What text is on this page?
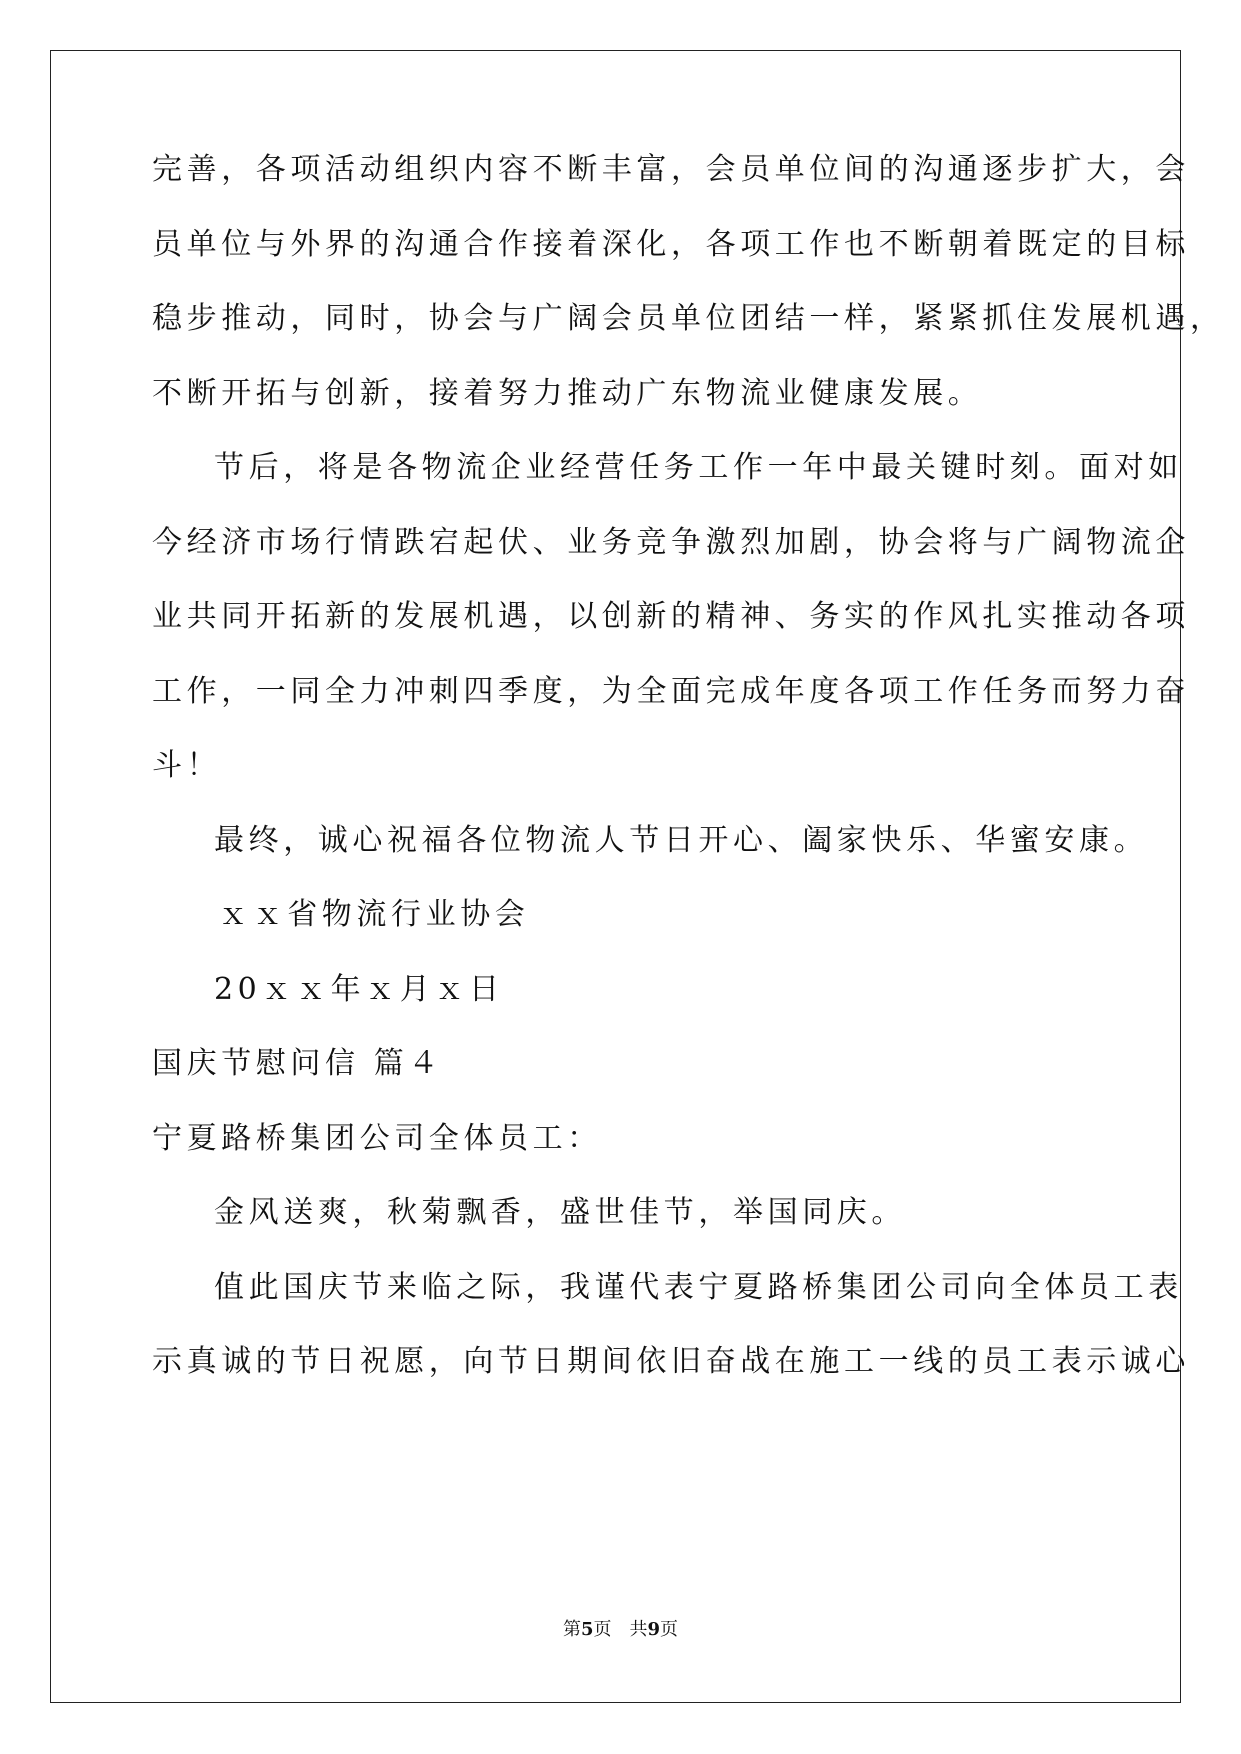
完善，各项活动组织内容不断丰富，会员单位间的沟通逐步扩大，会
员单位与外界的沟通合作接着深化，各项工作也不断朝着既定的目标
稳步推动，同时，协会与广阔会员单位团结一样，紧紧抓住发展机遇，
不断开拓与创新，接着努力推动广东物流业健康发展。
节后，将是各物流企业经营任务工作一年中最关键时刻。面对如
今经济市场行情跌宕起伏、业务竞争激烈加剧，协会将与广阔物流企
业共同开拓新的发展机遇，以创新的精神、务实的作风扎实推动各项
工作，一同全力冲刺四季度，为全面完成年度各项工作任务而努力奋
斗！
最终，诚心祝福各位物流人节日开心、阖家快乐、华蜜安康。
ｘｘ省物流行业协会
20ｘｘ年ｘ月ｘ日
国庆节慰问信 篇４
宁夏路桥集团公司全体员工：
金风送爽，秋菊飘香，盛世佳节，举国同庆。
值此国庆节来临之际，我谨代表宁夏路桥集团公司向全体员工表
示真诚的节日祝愿，向节日期间依旧奋战在施工一线的员工表示诚心
第5页　共9页
